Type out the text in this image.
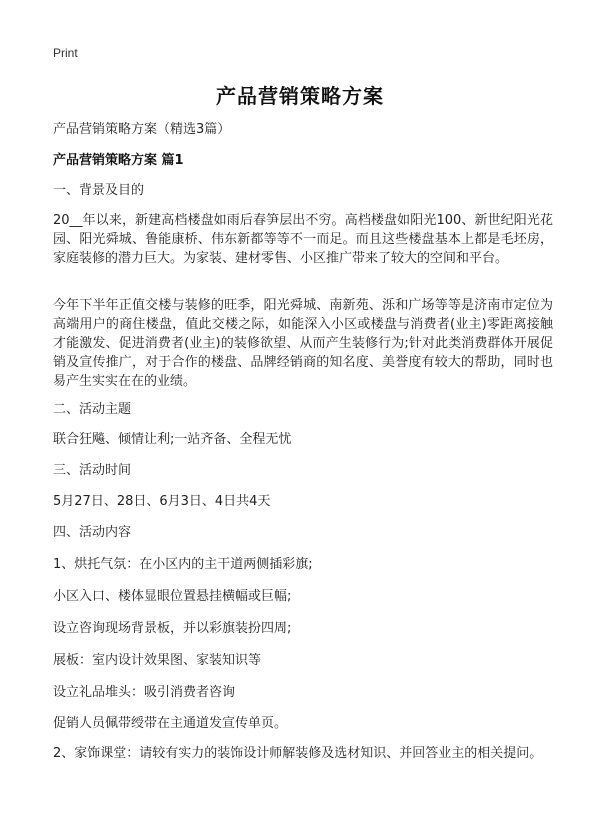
Print
产品营销策略方案
产品营销策略方案（精选3篇）
产品营销策略方案 篇1
一、背景及目的
20__年以来，新建高档楼盘如雨后春笋层出不穷。高档楼盘如阳光100、新世纪阳光花园、阳光舜城、鲁能康桥、伟东新都等等不一而足。而且这些楼盘基本上都是毛坯房，家庭装修的潜力巨大。为家装、建材零售、小区推广带来了较大的空间和平台。
今年下半年正值交楼与装修的旺季，阳光舜城、南新苑、泺和广场等等是济南市定位为高端用户的商住楼盘，值此交楼之际，如能深入小区或楼盘与消费者(业主)零距离接触才能激发、促进消费者(业主)的装修欲望、从而产生装修行为;针对此类消费群体开展促销及宣传推广，对于合作的楼盘、品牌经销商的知名度、美誉度有较大的帮助，同时也易产生实实在在的业绩。
二、活动主题
联合狂飚、倾情让利;一站齐备、全程无忧
三、活动时间
5月27日、28日、6月3日、4日共4天
四、活动内容
1、烘托气氛：在小区内的主干道两侧插彩旗;
小区入口、楼体显眼位置悬挂横幅或巨幅;
设立咨询现场背景板，并以彩旗装扮四周;
展板：室内设计效果图、家装知识等
设立礼品堆头：吸引消费者咨询
促销人员佩带绶带在主通道发宣传单页。
2、家饰课堂：请较有实力的装饰设计师解装修及选材知识、并回答业主的相关提问。
